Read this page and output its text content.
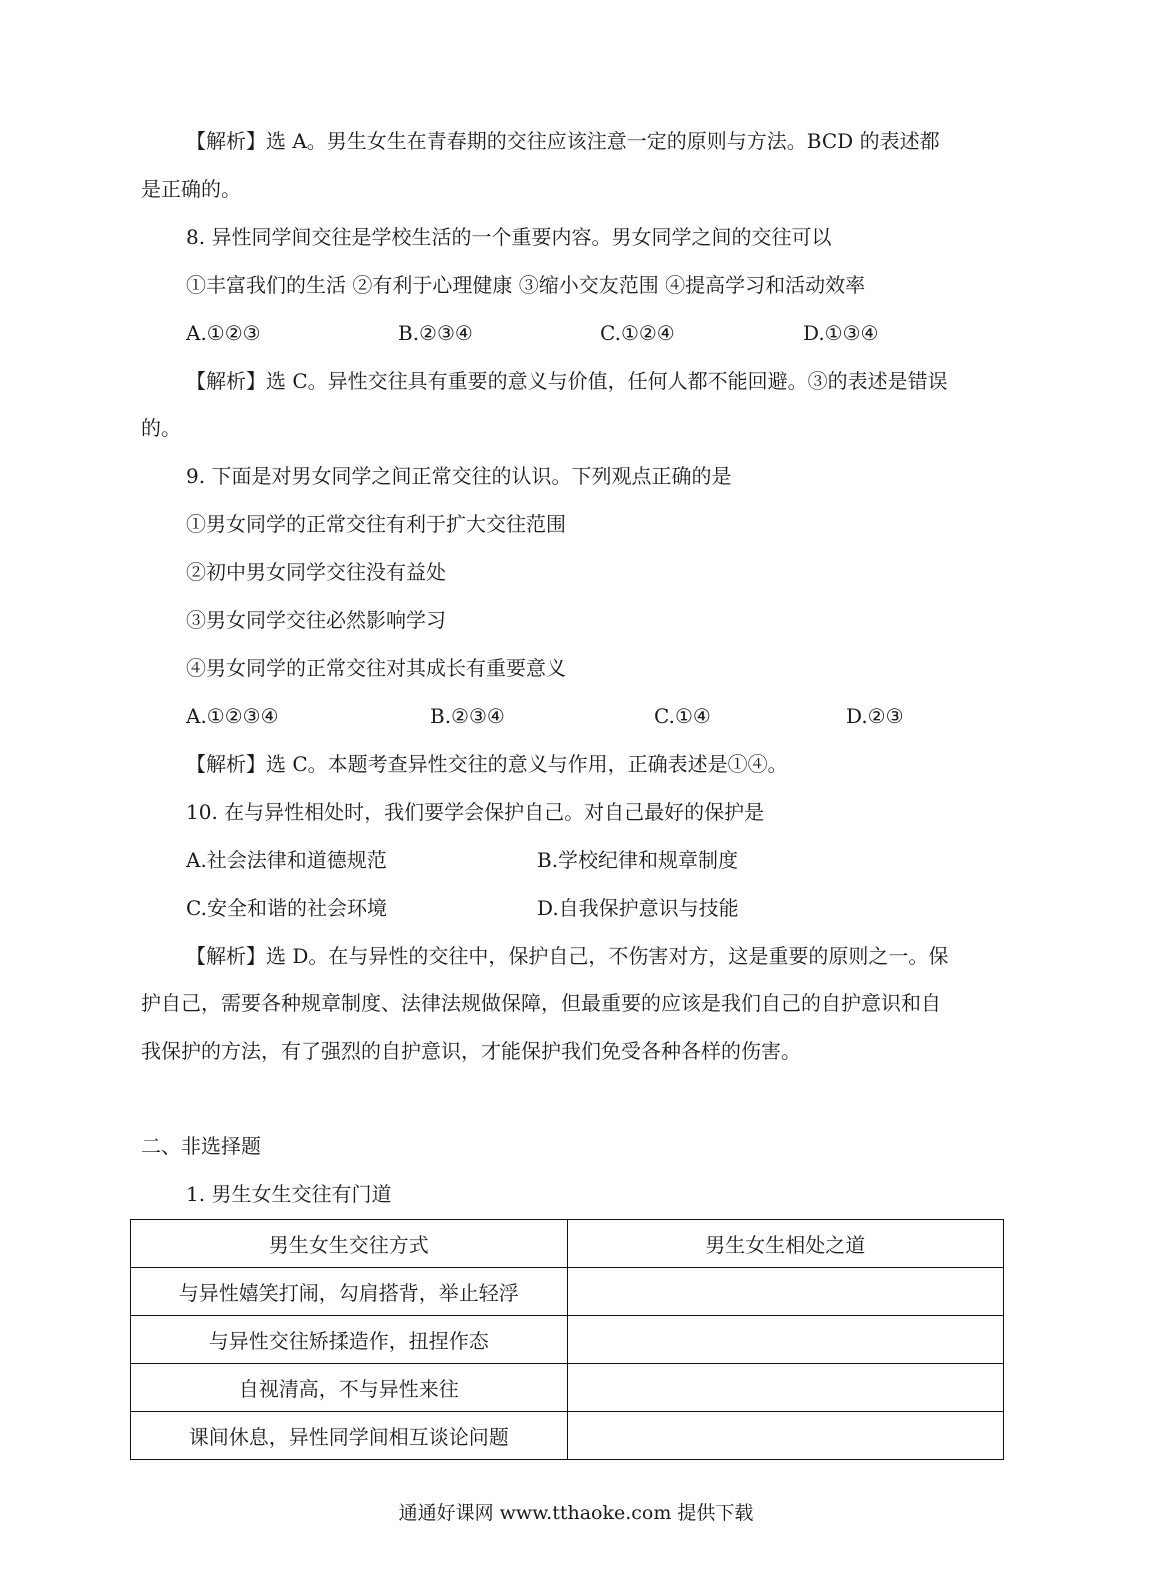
【解析】选 A。男生女生在青春期的交往应该注意一定的原则与方法。BCD 的表述都
是正确的。
8. 异性同学间交往是学校生活的一个重要内容。男女同学之间的交往可以
①丰富我们的生活 ②有利于心理健康 ③缩小交友范围 ④提高学习和活动效率
A.①②③	B.②③④	C.①②④	D.①③④
【解析】选 C。异性交往具有重要的意义与价值，任何人都不能回避。③的表述是错误
的。
9. 下面是对男女同学之间正常交往的认识。下列观点正确的是
①男女同学的正常交往有利于扩大交往范围
②初中男女同学交往没有益处
③男女同学交往必然影响学习
④男女同学的正常交往对其成长有重要意义
A.①②③④	B.②③④	C.①④	D.②③
【解析】选 C。本题考查异性交往的意义与作用，正确表述是①④。
10. 在与异性相处时，我们要学会保护自己。对自己最好的保护是
A.社会法律和道德规范	B.学校纪律和规章制度
C.安全和谐的社会环境	D.自我保护意识与技能
【解析】选 D。在与异性的交往中，保护自己，不伤害对方，这是重要的原则之一。保
护自己，需要各种规章制度、法律法规做保障，但最重要的应该是我们自己的自护意识和自
我保护的方法，有了强烈的自护意识，才能保护我们免受各种各样的伤害。
二、非选择题
1. 男生女生交往有门道
男生女生交往方式	男生女生相处之道
与异性嬉笑打闹，勾肩搭背，举止轻浮	
与异性交往矫揉造作，扭捏作态	
自视清高，不与异性来往	
课间休息，异性同学间相互谈论问题	
通通好课网 www.tthaoke.com 提供下载
